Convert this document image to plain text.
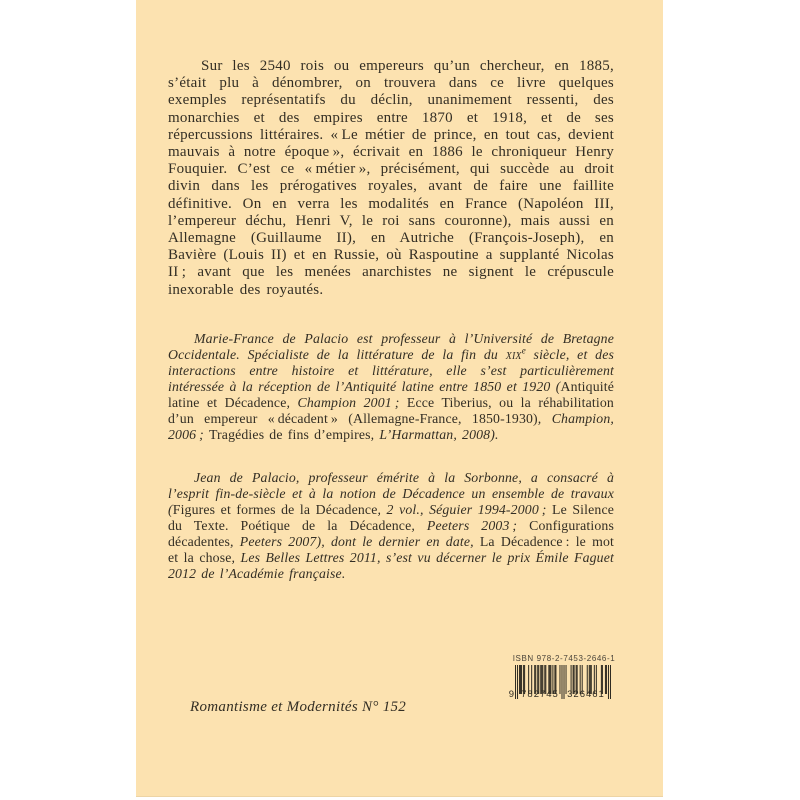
Sur les 2540 rois ou empereurs qu’un chercheur, en 1885, s’était plu à dénombrer, on trouvera dans ce livre quelques exemples représentatifs du déclin, unanimement ressenti, des monarchies et des empires entre 1870 et 1918, et de ses répercussions littéraires. « Le métier de prince, en tout cas, devient mauvais à notre époque », écrivait en 1886 le chroniqueur Henry Fouquier. C’est ce « métier », précisément, qui succède au droit divin dans les prérogatives royales, avant de faire une faillite définitive. On en verra les modalités en France (Napoléon III, l’empereur déchu, Henri V, le roi sans couronne), mais aussi en Allemagne (Guillaume II), en Autriche (François-Joseph), en Bavière (Louis II) et en Russie, où Raspoutine a supplanté Nicolas II ; avant que les menées anarchistes ne signent le crépuscule inexorable des royautés.

Marie-France de Palacio est professeur à l’Université de Bretagne Occidentale. Spécialiste de la littérature de la fin du xix$^e$ siècle, et des interactions entre histoire et littérature, elle s’est particulièrement intéressée à la réception de l’Antiquité latine entre 1850 et 1920 (Antiquité latine et Décadence, Champion 2001 ; Ecce Tiberius, ou la réhabilitation d’un empereur « décadent » (Allemagne-France, 1850-1930), Champion, 2006 ; Tragédies de fins d’empires, L’Harmattan, 2008).

Jean de Palacio, professeur émérite à la Sorbonne, a consacré à l’esprit fin-de-siècle et à la notion de Décadence un ensemble de travaux (Figures et formes de la Décadence, 2 vol., Séguier 1994-2000 ; Le Silence du Texte. Poétique de la Décadence, Peeters 2003 ; Configurations décadentes, Peeters 2007), dont le dernier en date, La Décadence : le mot et la chose, Les Belles Lettres 2011, s’est vu décerner le prix Émile Faguet 2012 de l’Académie française.

Romantisme et Modernités N° 152
ISBN 978-2-7453-2646-1
9 782745 326461
